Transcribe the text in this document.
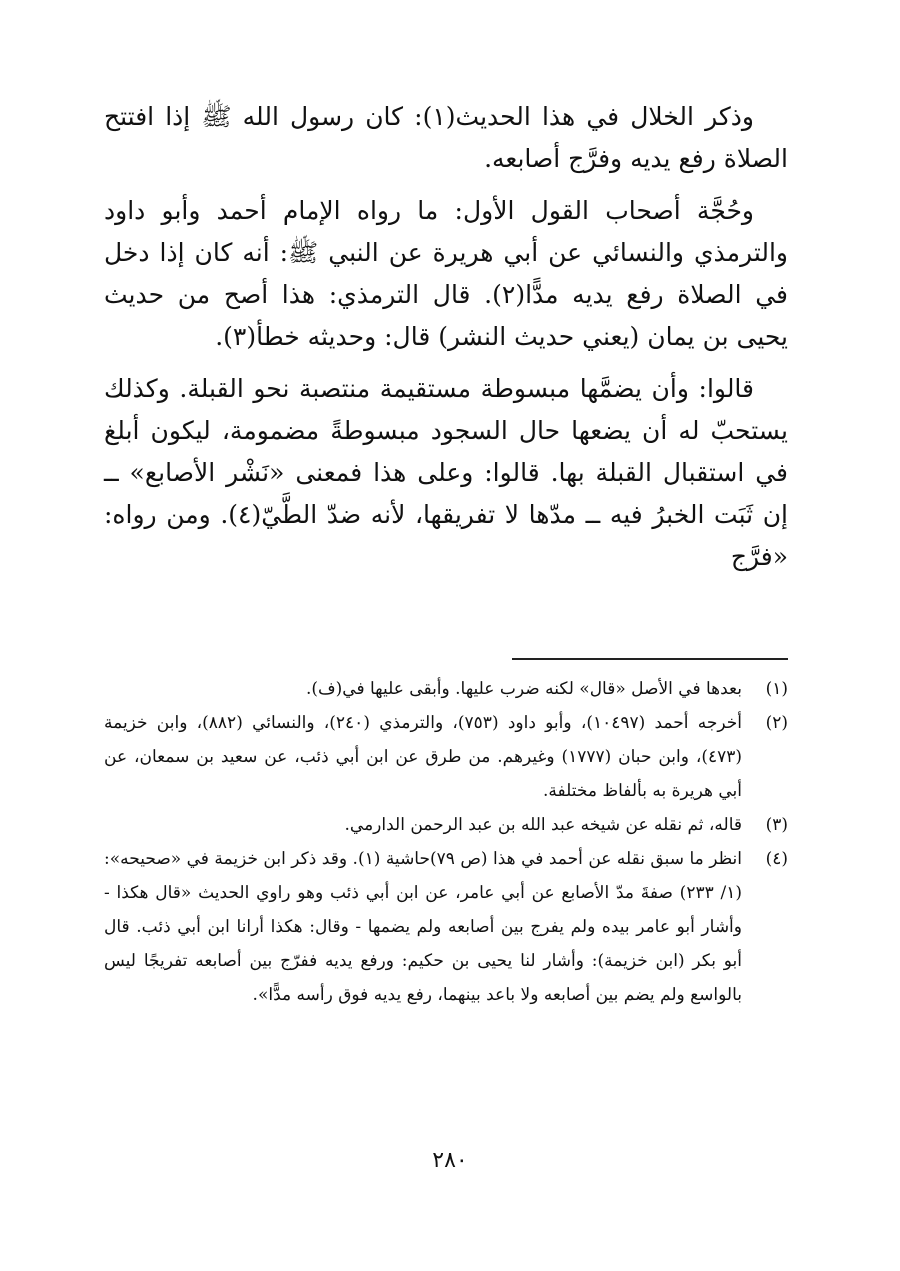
وذكر الخلال في هذا الحديث(١): كان رسول الله ﷺ إذا افتتح الصلاة رفع يديه وفرَّج أصابعه.

وحُجَّة أصحاب القول الأول: ما رواه الإمام أحمد وأبو داود والترمذي والنسائي عن أبي هريرة عن النبي ﷺ: أنه كان إذا دخل في الصلاة رفع يديه مدًّا(٢). قال الترمذي: هذا أصح من حديث يحيى بن يمان (يعني حديث النشر) قال: وحديثه خطأ(٣).

قالوا: وأن يضمَّها مبسوطة مستقيمة منتصبة نحو القبلة. وكذلك يستحبّ له أن يضعها حال السجود مبسوطةً مضمومة، ليكون أبلغ في استقبال القبلة بها. قالوا: وعلى هذا فمعنى «نَشْر الأصابع» ــ إن ثَبَت الخبرُ فيه ــ مدّها لا تفريقها، لأنه ضدّ الطَّيّ(٤). ومن رواه: «فرَّج

(١)
بعدها في الأصل «قال» لكنه ضرب عليها. وأبقى عليها في(ف).
(٢)
أخرجه أحمد (١٠٤٩٧)، وأبو داود (٧٥٣)، والترمذي (٢٤٠)، والنسائي (٨٨٢)، وابن خزيمة (٤٧٣)، وابن حبان (١٧٧٧) وغيرهم. من طرق عن ابن أبي ذئب، عن سعيد بن سمعان، عن أبي هريرة به بألفاظ مختلفة.
(٣)
قاله، ثم نقله عن شيخه عبد الله بن عبد الرحمن الدارمي.
(٤)
انظر ما سبق نقله عن أحمد في هذا (ص ٧٩)حاشية (١). وقد ذكر ابن خزيمة في «صحيحه»: (١/ ٢٣٣) صفةَ مدّ الأصابع عن أبي عامر، عن ابن أبي ذئب وهو راوي الحديث «قال هكذا - وأشار أبو عامر بيده ولم يفرج بين أصابعه ولم يضمها - وقال: هكذا أرانا ابن أبي ذئب. قال أبو بكر (ابن خزيمة): وأشار لنا يحيى بن حكيم: ورفع يديه ففرّج بين أصابعه تفريجًا ليس بالواسع ولم يضم بين أصابعه ولا باعد بينهما، رفع يديه فوق رأسه مدًّا».
٢٨٠
